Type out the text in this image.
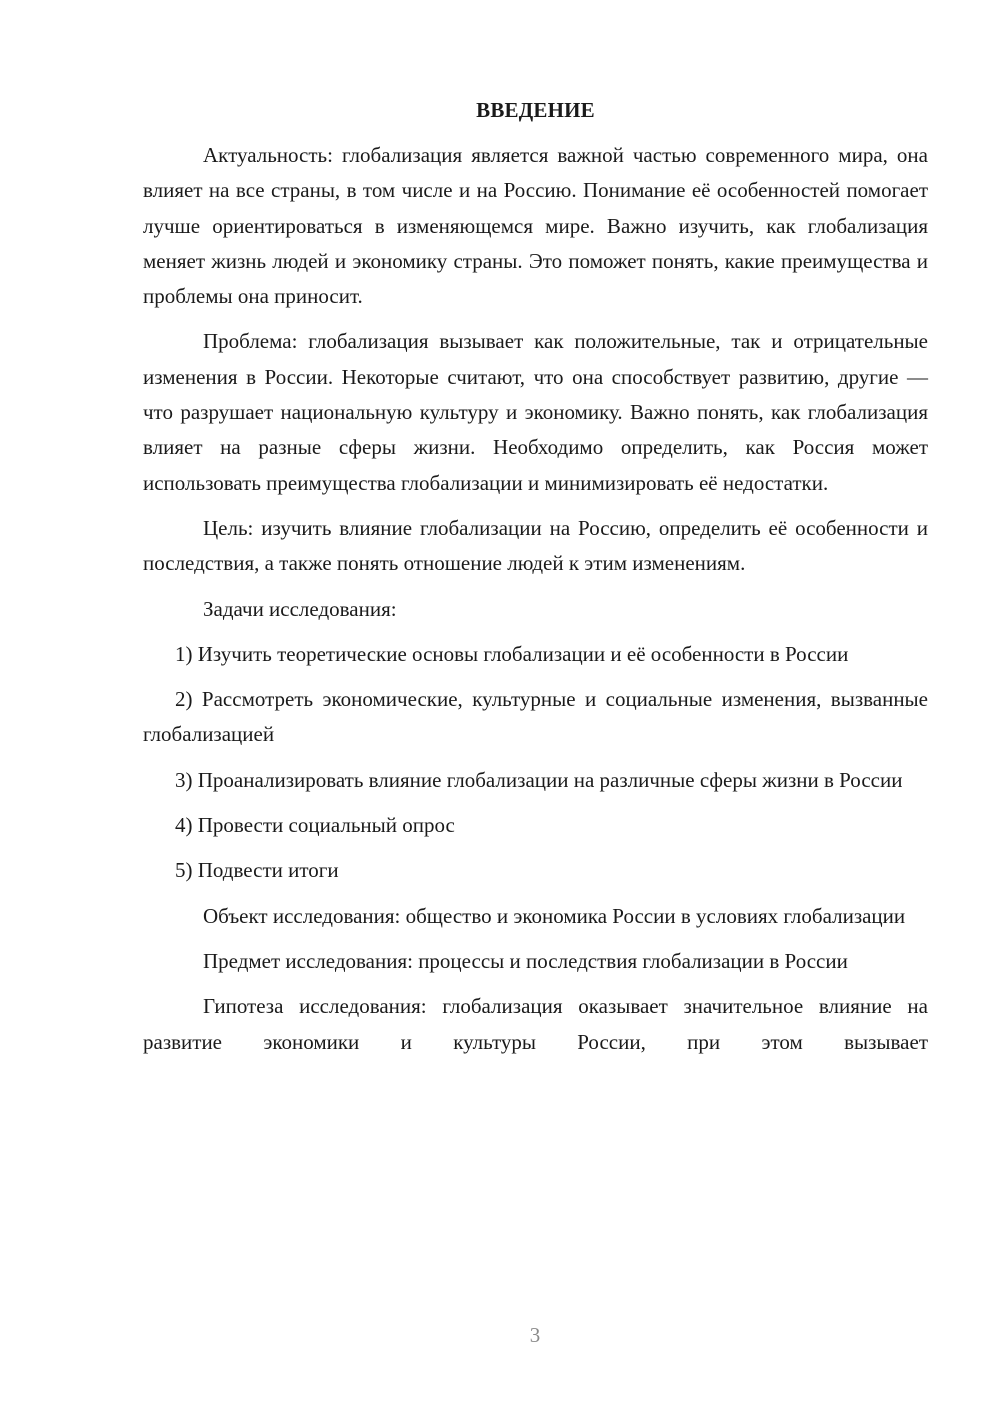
ВВЕДЕНИЕ

Актуальность: глобализация является важной частью современного мира, она влияет на все страны, в том числе и на Россию. Понимание её особенностей помогает лучше ориентироваться в изменяющемся мире. Важно изучить, как глобализация меняет жизнь людей и экономику страны. Это поможет понять, какие преимущества и проблемы она приносит.

Проблема: глобализация вызывает как положительные, так и отрицательные изменения в России. Некоторые считают, что она способствует развитию, другие — что разрушает национальную культуру и экономику. Важно понять, как глобализация влияет на разные сферы жизни. Необходимо определить, как Россия может использовать преимущества глобализации и минимизировать её недостатки.

Цель: изучить влияние глобализации на Россию, определить её особенности и последствия, а также понять отношение людей к этим изменениям.

Задачи исследования:

1) Изучить теоретические основы глобализации и её особенности в России

2) Рассмотреть экономические, культурные и социальные изменения, вызванные глобализацией

3) Проанализировать влияние глобализации на различные сферы жизни в России

4) Провести социальный опрос

5) Подвести итоги

Объект исследования: общество и экономика России в условиях глобализации

Предмет исследования: процессы и последствия глобализации в России

Гипотеза исследования: глобализация оказывает значительное влияние на развитие экономики и культуры России, при этом вызывает

3
